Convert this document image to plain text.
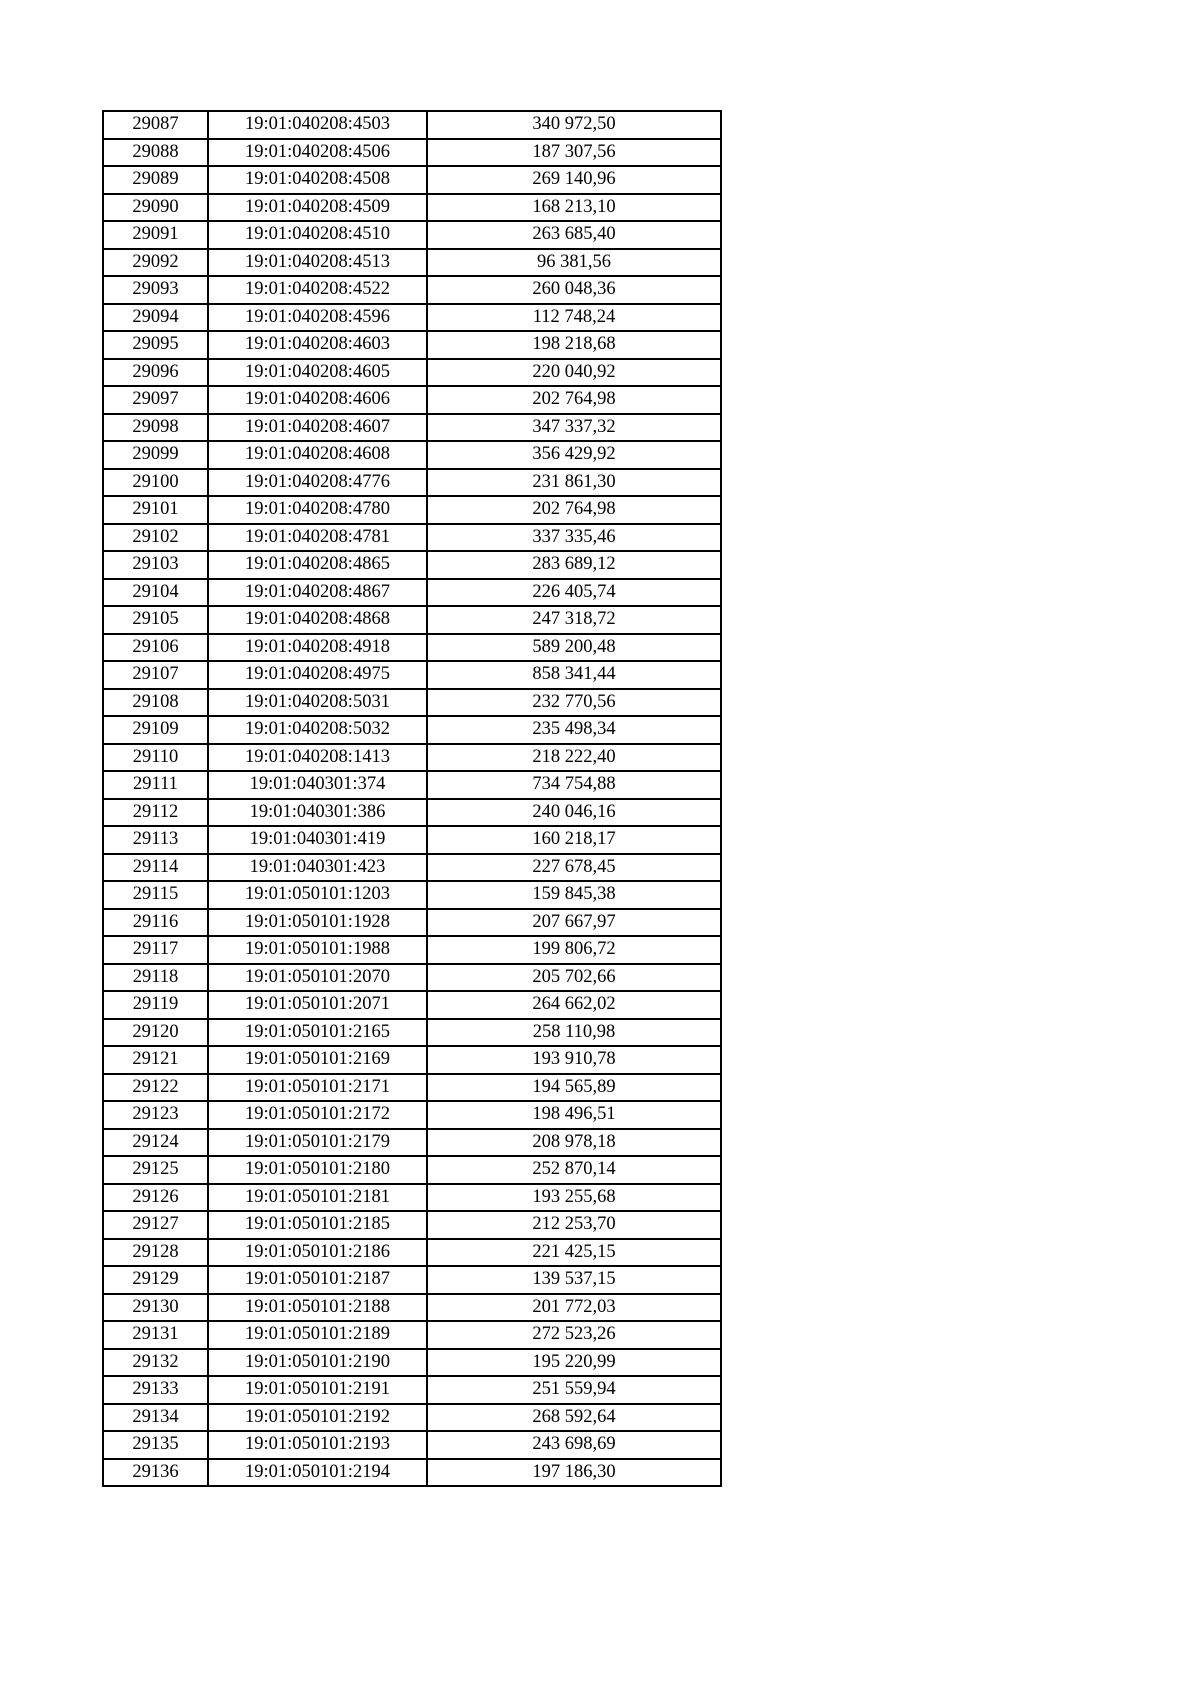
29087	19:01:040208:4503	340 972,50
29088	19:01:040208:4506	187 307,56
29089	19:01:040208:4508	269 140,96
29090	19:01:040208:4509	168 213,10
29091	19:01:040208:4510	263 685,40
29092	19:01:040208:4513	96 381,56
29093	19:01:040208:4522	260 048,36
29094	19:01:040208:4596	112 748,24
29095	19:01:040208:4603	198 218,68
29096	19:01:040208:4605	220 040,92
29097	19:01:040208:4606	202 764,98
29098	19:01:040208:4607	347 337,32
29099	19:01:040208:4608	356 429,92
29100	19:01:040208:4776	231 861,30
29101	19:01:040208:4780	202 764,98
29102	19:01:040208:4781	337 335,46
29103	19:01:040208:4865	283 689,12
29104	19:01:040208:4867	226 405,74
29105	19:01:040208:4868	247 318,72
29106	19:01:040208:4918	589 200,48
29107	19:01:040208:4975	858 341,44
29108	19:01:040208:5031	232 770,56
29109	19:01:040208:5032	235 498,34
29110	19:01:040208:1413	218 222,40
29111	19:01:040301:374	734 754,88
29112	19:01:040301:386	240 046,16
29113	19:01:040301:419	160 218,17
29114	19:01:040301:423	227 678,45
29115	19:01:050101:1203	159 845,38
29116	19:01:050101:1928	207 667,97
29117	19:01:050101:1988	199 806,72
29118	19:01:050101:2070	205 702,66
29119	19:01:050101:2071	264 662,02
29120	19:01:050101:2165	258 110,98
29121	19:01:050101:2169	193 910,78
29122	19:01:050101:2171	194 565,89
29123	19:01:050101:2172	198 496,51
29124	19:01:050101:2179	208 978,18
29125	19:01:050101:2180	252 870,14
29126	19:01:050101:2181	193 255,68
29127	19:01:050101:2185	212 253,70
29128	19:01:050101:2186	221 425,15
29129	19:01:050101:2187	139 537,15
29130	19:01:050101:2188	201 772,03
29131	19:01:050101:2189	272 523,26
29132	19:01:050101:2190	195 220,99
29133	19:01:050101:2191	251 559,94
29134	19:01:050101:2192	268 592,64
29135	19:01:050101:2193	243 698,69
29136	19:01:050101:2194	197 186,30
